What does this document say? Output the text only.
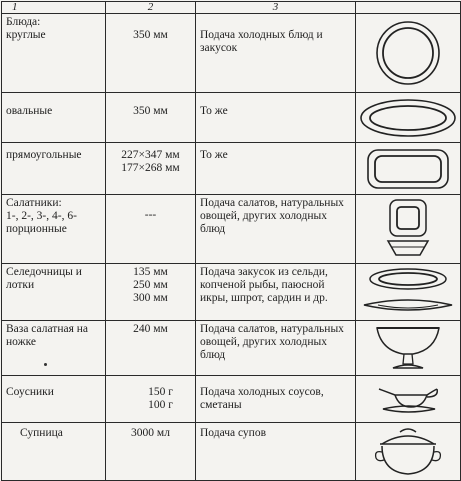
1	2	3	

Блюда:
круглые	350 мм	Подача холодных блюд и закусок	

овальные	350 мм	То же	

прямоугольные	227×347 мм
177×268 мм	То же	

Салатники:
1-, 2-, 3-, 4-, 6-
порционные	---	Подача салатов, натуральных овощей, других холодных блюд	

Селедочницы и лотки	135 мм
250 мм
300 мм	Подача закусок из сельди, копченой рыбы, паюсной икры, шпрот, сардин и др.	

Ваза салатная на ножке	240 мм	Подача салатов, натуральных овощей, других холодных блюд	

Соусники	150 г
100 г	Подача холодных соусов, сметаны	

Супница	3000 мл	Подача супов	
